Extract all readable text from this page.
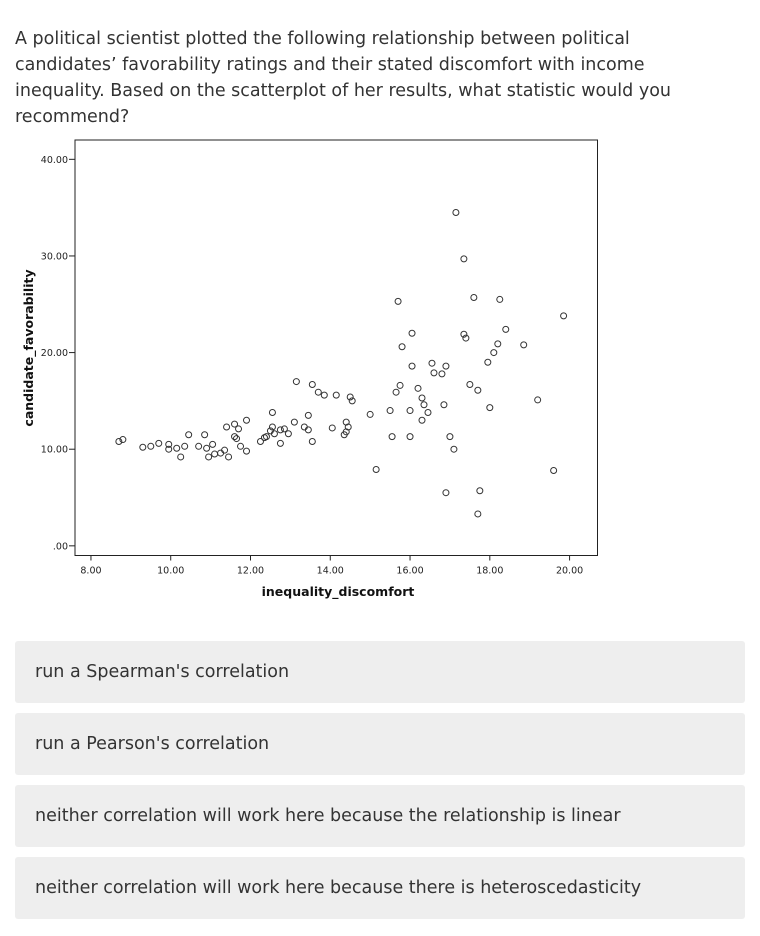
A political scientist plotted the following relationship between political candidates’ favorability ratings and their stated discomfort with income inequality. Based on the scatterplot of her results, what statistic would you recommend?

.00
10.00
20.00
30.00
40.00
8.00	10.00	12.00	14.00	16.00	18.00	20.00
inequality_discomfort
candidate_favorability
run a Spearman's correlation
run a Pearson's correlation
neither correlation will work here because the relationship is linear
neither correlation will work here because there is heteroscedasticity
